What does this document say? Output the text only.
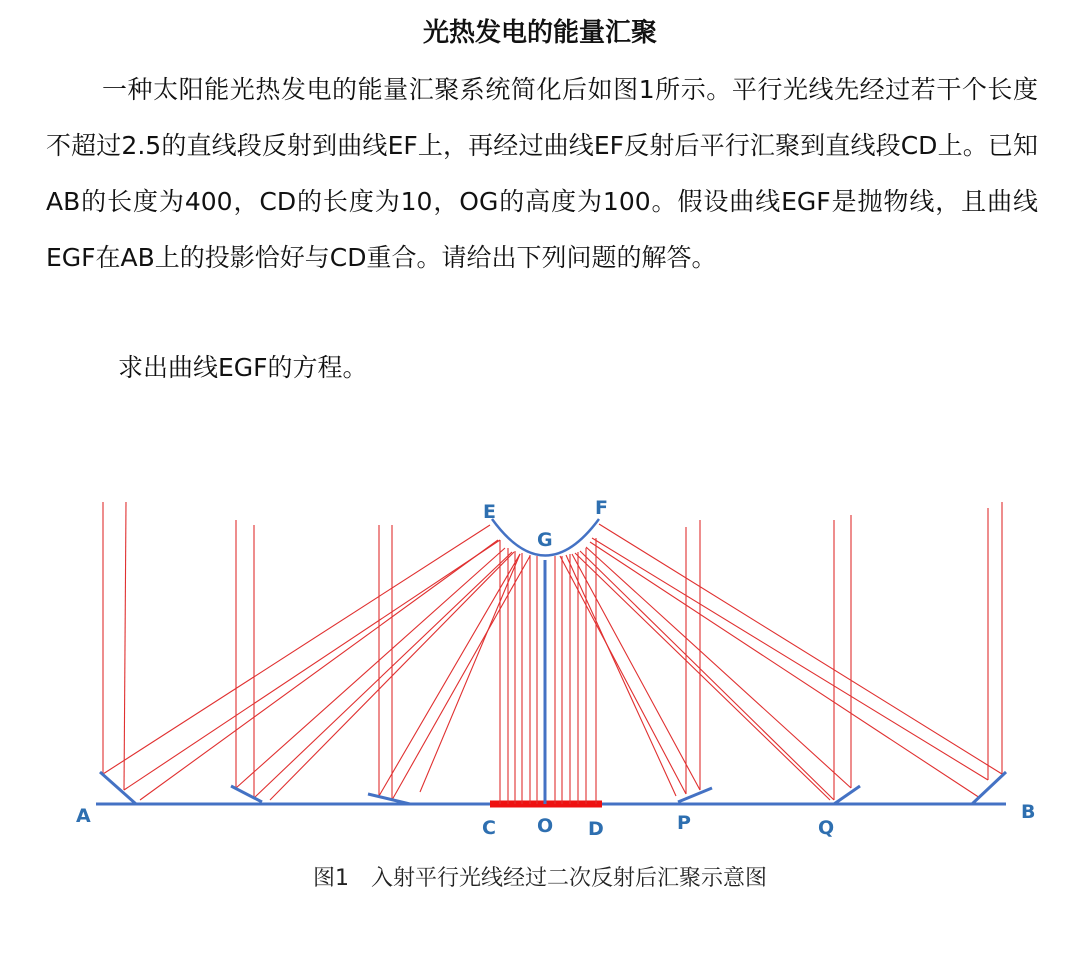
光热发电的能量汇聚

一种太阳能光热发电的能量汇聚系统简化后如图1所示。平行光线先经过若干个长度不超过2.5的直线段反射到曲线EF上，再经过曲线EF反射后平行汇聚到直线段CD上。已知AB的长度为400，CD的长度为10，OG的高度为100。假设曲线EGF是抛物线，且曲线EGF在AB上的投影恰好与CD重合。请给出下列问题的解答。

求出曲线EGF的方程。

E	F
G
A	B
C O D	P	Q
图1　入射平行光线经过二次反射后汇聚示意图
